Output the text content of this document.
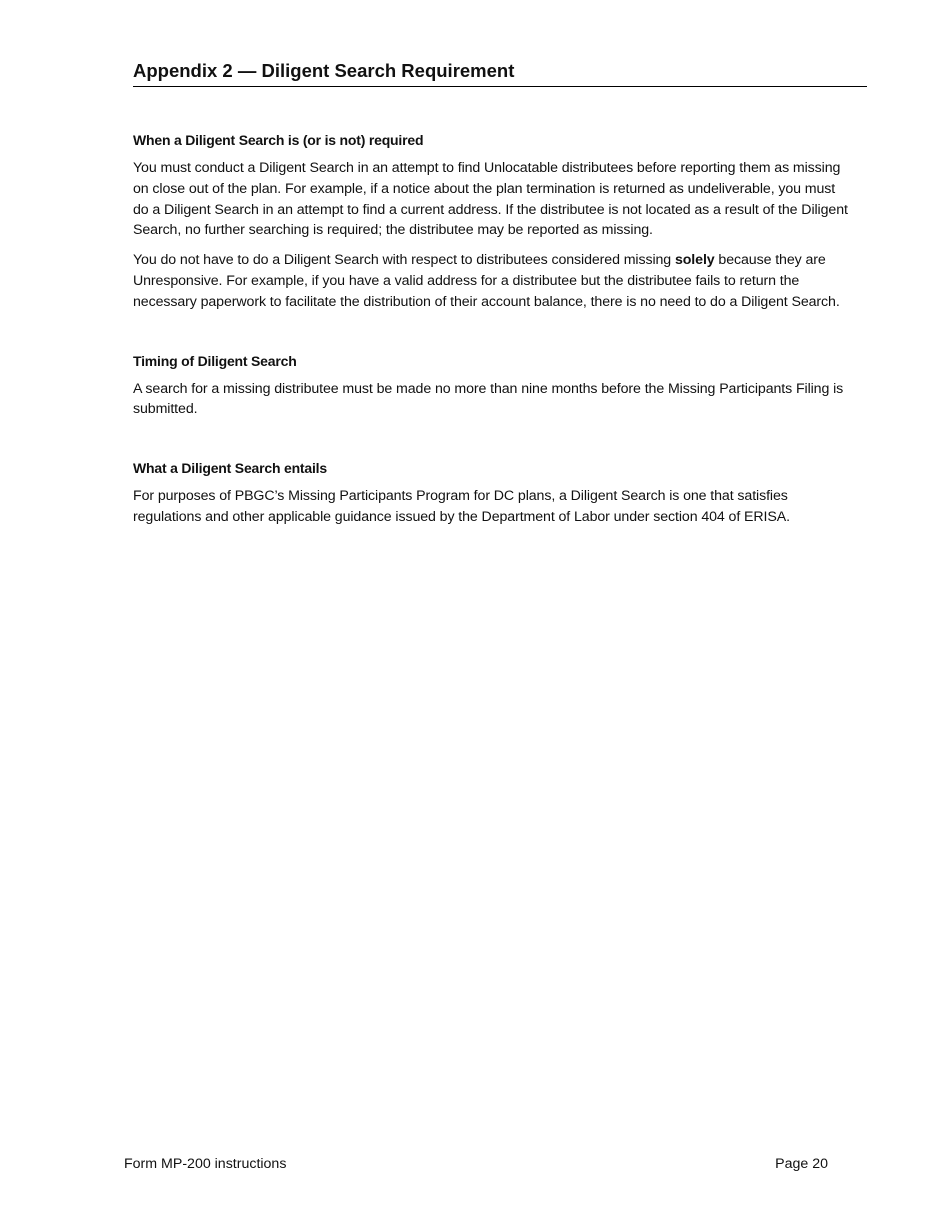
Appendix 2 — Diligent Search Requirement
When a Diligent Search is (or is not) required

You must conduct a Diligent Search in an attempt to find Unlocatable distributees before reporting them as missing on close out of the plan. For example, if a notice about the plan termination is returned as undeliverable, you must do a Diligent Search in an attempt to find a current address. If the distributee is not located as a result of the Diligent Search, no further searching is required; the distributee may be reported as missing.

You do not have to do a Diligent Search with respect to distributees considered missing solely because they are Unresponsive. For example, if you have a valid address for a distributee but the distributee fails to return the necessary paperwork to facilitate the distribution of their account balance, there is no need to do a Diligent Search.

Timing of Diligent Search

A search for a missing distributee must be made no more than nine months before the Missing Participants Filing is submitted.

What a Diligent Search entails

For purposes of PBGC’s Missing Participants Program for DC plans, a Diligent Search is one that satisfies regulations and other applicable guidance issued by the Department of Labor under section 404 of ERISA.

Form MP-200 instructions	Page 20
